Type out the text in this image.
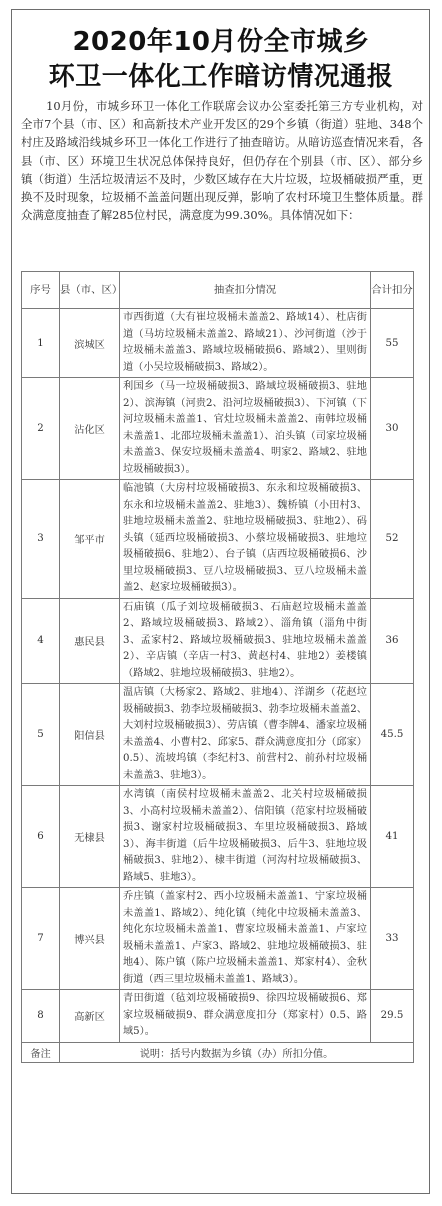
2020年10月份全市城乡
环卫一体化工作暗访情况通报

10月份，市城乡环卫一体化工作联席会议办公室委托第三方专业机构，对全市7个县（市、区）和高新技术产业开发区的29个乡镇（街道）驻地、348个村庄及路域沿线城乡环卫一体化工作进行了抽查暗访。从暗访巡查情况来看，各县（市、区）环境卫生状况总体保持良好，但仍存在个别县（市、区）、部分乡镇（街道）生活垃圾清运不及时，少数区域存在大片垃圾，垃圾桶破损严重，更换不及时现象，垃圾桶不盖盖问题出现反弹，影响了农村环境卫生整体质量。群众满意度抽查了解285位村民，满意度为99.30%。具体情况如下：

序号	县（市、区）	抽查扣分情况	合计扣分
1	滨城区	市西街道（大有崔垃圾桶未盖盖2、路域14）、杜店街道（马坊垃圾桶未盖盖2、路域21）、沙河街道（沙于垃圾桶未盖盖3、路域垃圾桶破损6、路域2）、里则街道（小吴垃圾桶破损3、路域2）。	55
2	沾化区	利国乡（马一垃圾桶破损3、路域垃圾桶破损3、驻地2）、滨海镇（河贵2、沿河垃圾桶破损3）、下河镇（下河垃圾桶未盖盖1、官灶垃圾桶未盖盖2、南韩垃圾桶未盖盖1、北邵垃圾桶未盖盖1）、泊头镇（司家垃圾桶未盖盖3、保安垃圾桶未盖盖4、明家2、路域2、驻地垃圾桶破损3）。	30
3	邹平市	临池镇（大房村垃圾桶破损3、东永和垃圾桶破损3、东永和垃圾桶未盖盖2、驻地3）、魏桥镇（小田村3、驻地垃圾桶未盖盖2、驻地垃圾桶破损3、驻地2）、码头镇（延西垃圾桶破损3、小蔡垃圾桶破损3、驻地垃圾桶破损6、驻地2）、台子镇（店西垃圾桶破损6、沙里垃圾桶破损3、豆八垃圾桶破损3、豆八垃圾桶未盖盖2、赵家垃圾桶破损3）。	52
4	惠民县	石庙镇（瓜子刘垃圾桶破损3、石庙赵垃圾桶未盖盖2、路域垃圾桶破损3、路域2）、淄角镇（淄角中街3、孟家村2、路域垃圾桶破损3、驻地垃圾桶未盖盖2）、辛店镇（辛店一村3、黄赵村4、驻地2）姜楼镇（路域2、驻地垃圾桶破损3、驻地2）。	36
5	阳信县	温店镇（大杨家2、路域2、驻地4）、洋湖乡（花赵垃圾桶破损3、勃李垃圾桶破损3、勃李垃圾桶未盖盖2、大刘村垃圾桶破损3）、劳店镇（曹李牌4、潘家垃圾桶未盖盖4、小曹村2、邱家5、群众满意度扣分（邱家）0.5）、流坡坞镇（李纪村3、前营村2、前孙村垃圾桶未盖盖3、驻地3）。	45.5
6	无棣县	水湾镇（南侯村垃圾桶未盖盖2、北关村垃圾桶破损3、小高村垃圾桶未盖盖2）、信阳镇（范家村垃圾桶破损3、谢家村垃圾桶破损3、车里垃圾桶破损3、路域3）、海丰街道（后牛垃圾桶破损3、后牛3、驻地垃圾桶破损3、驻地2）、棣丰街道（河沟村垃圾桶破损3、路域5、驻地3）。	41
7	博兴县	乔庄镇（盖家村2、西小垃圾桶未盖盖1、宁家垃圾桶未盖盖1、路域2）、纯化镇（纯化中垃圾桶未盖盖3、纯化东垃圾桶未盖盖1、曹家垃圾桶未盖盖1、卢家垃圾桶未盖盖1、卢家3、路域2、驻地垃圾桶破损3、驻地4）、陈户镇（陈户垃圾桶未盖盖1、郑家村4）、金秋街道（西三里垃圾桶未盖盖1、路域3）。	33
8	高新区	青田街道（毡刘垃圾桶破损9、徐四垃圾桶破损6、郑家垃圾桶破损9、群众满意度扣分（郑家村）0.5、路域5）。	29.5
备注	说明：括号内数据为乡镇（办）所扣分值。		
